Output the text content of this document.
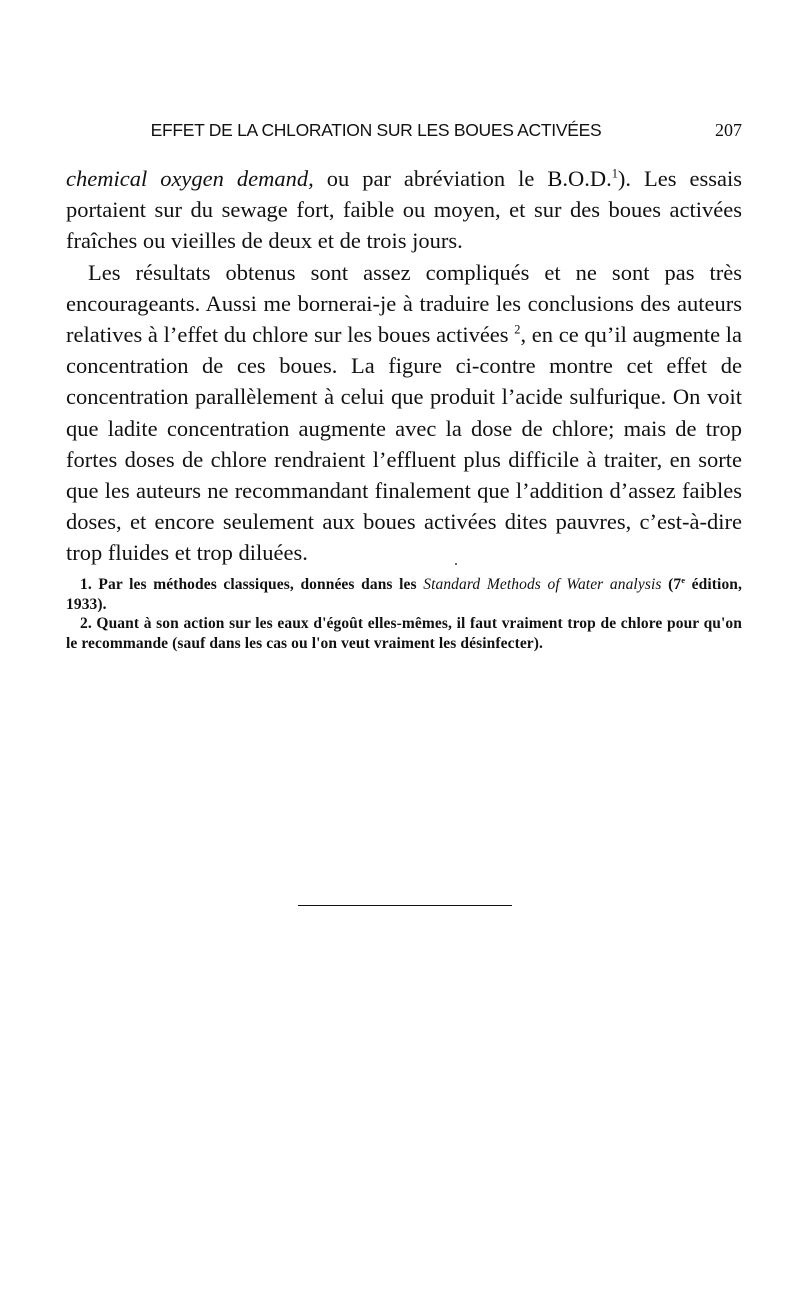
EFFET DE LA CHLORATION SUR LES BOUES ACTIVÉES	207

chemical oxygen demand, ou par abréviation le B.O.D.$^1$). Les essais portaient sur du sewage fort, faible ou moyen, et sur des boues activées fraîches ou vieilles de deux et de trois jours.

Les résultats obtenus sont assez compliqués et ne sont pas très encourageants. Aussi me bornerai-je à traduire les conclusions des auteurs relatives à l’effet du chlore sur les boues activées $^2$, en ce qu’il augmente la concentration de ces boues. La figure ci-contre montre cet effet de concentration parallèlement à celui que produit l’acide sulfurique. On voit que ladite concentration augmente avec la dose de chlore; mais de trop fortes doses de chlore rendraient l’effluent plus difficile à traiter, en sorte que les auteurs ne recommandant finalement que l’addition d’assez faibles doses, et encore seulement aux boues activées dites pauvres, c’est-à-dire trop fluides et trop diluées.

1. Par les méthodes classiques, données dans les Standard Methods of Water analysis (7e édition, 1933).

2. Quant à son action sur les eaux d'égoût elles-mêmes, il faut vraiment trop de chlore pour qu'on le recommande (sauf dans les cas ou l'on veut vraiment les désinfecter).
